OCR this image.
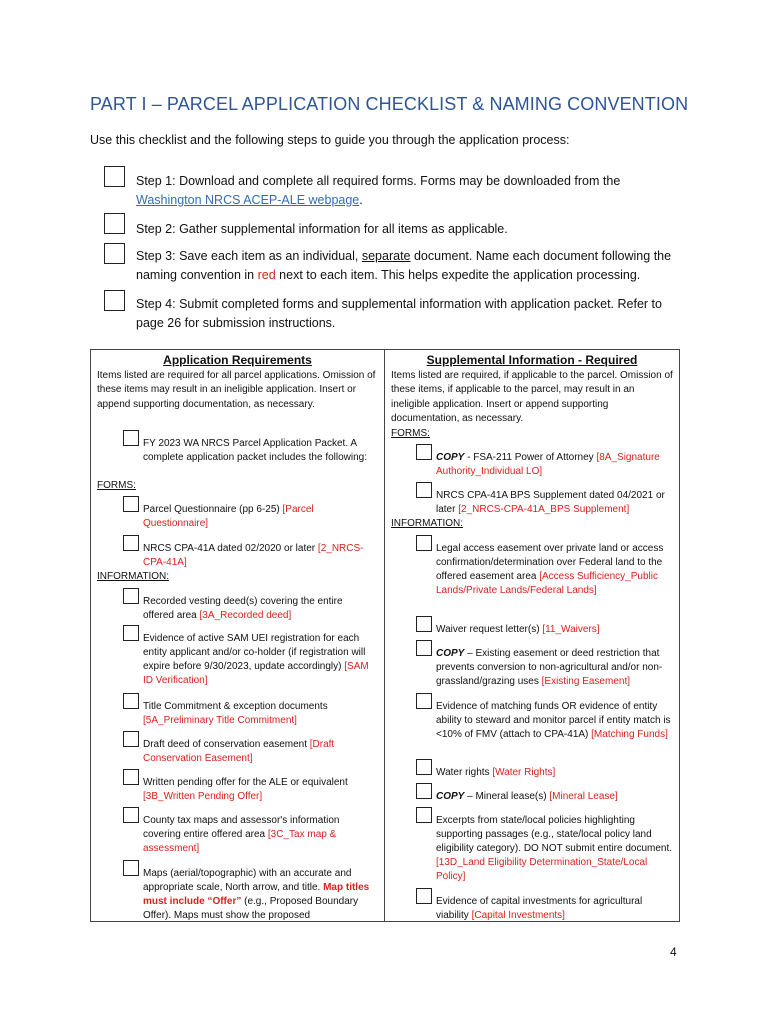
PART I – PARCEL APPLICATION CHECKLIST & NAMING CONVENTION
Use this checklist and the following steps to guide you through the application process:
Step 1: Download and complete all required forms. Forms may be downloaded from the
Washington NRCS ACEP-ALE webpage.
Step 2: Gather supplemental information for all items as applicable.
Step 3: Save each item as an individual, separate document. Name each document following the naming convention in red next to each item. This helps expedite the application processing.
Step 4: Submit completed forms and supplemental information with application packet. Refer to page 26 for submission instructions.
Application Requirements
Items listed are required for all parcel applications. Omission of these items may result in an ineligible application. Insert or append supporting documentation, as necessary.
FY 2023 WA NRCS Parcel Application Packet. A complete application packet includes the following:
FORMS:
Parcel Questionnaire (pp 6-25) [Parcel Questionnaire]
NRCS CPA-41A dated 02/2020 or later [2_NRCS-CPA-41A]
INFORMATION:
Recorded vesting deed(s) covering the entire offered area [3A_Recorded deed]
Evidence of active SAM UEI registration for each entity applicant and/or co-holder (if registration will expire before 9/30/2023, update accordingly) [SAM ID Verification]
Title Commitment & exception documents [5A_Preliminary Title Commitment]
Draft deed of conservation easement [Draft Conservation Easement]
Written pending offer for the ALE or equivalent [3B_Written Pending Offer]
County tax maps and assessor's information covering entire offered area [3C_Tax map & assessment]
Maps (aerial/topographic) with an accurate and appropriate scale, North arrow, and title. Map titles must include “Offer” (e.g., Proposed Boundary Offer). Maps must show the proposed
Supplemental Information - Required
Items listed are required, if applicable to the parcel. Omission of these items, if applicable to the parcel, may result in an ineligible application. Insert or append supporting documentation, as necessary.
FORMS:
COPY - FSA-211 Power of Attorney [8A_Signature Authority_Individual LO]
NRCS CPA-41A BPS Supplement dated 04/2021 or later [2_NRCS-CPA-41A_BPS Supplement]
INFORMATION:
Legal access easement over private land or access confirmation/determination over Federal land to the offered easement area [Access Sufficiency_Public Lands/Private Lands/Federal Lands]
Waiver request letter(s) [11_Waivers]
COPY – Existing easement or deed restriction that prevents conversion to non-agricultural and/or non-grassland/grazing uses [Existing Easement]
Evidence of matching funds OR evidence of entity ability to steward and monitor parcel if entity match is <10% of FMV (attach to CPA-41A) [Matching Funds]
Water rights [Water Rights]
COPY – Mineral lease(s) [Mineral Lease]
Excerpts from state/local policies highlighting supporting passages (e.g., state/local policy land eligibility category). DO NOT submit entire document. [13D_Land Eligibility Determination_State/Local Policy]
Evidence of capital investments for agricultural viability [Capital Investments]
4
